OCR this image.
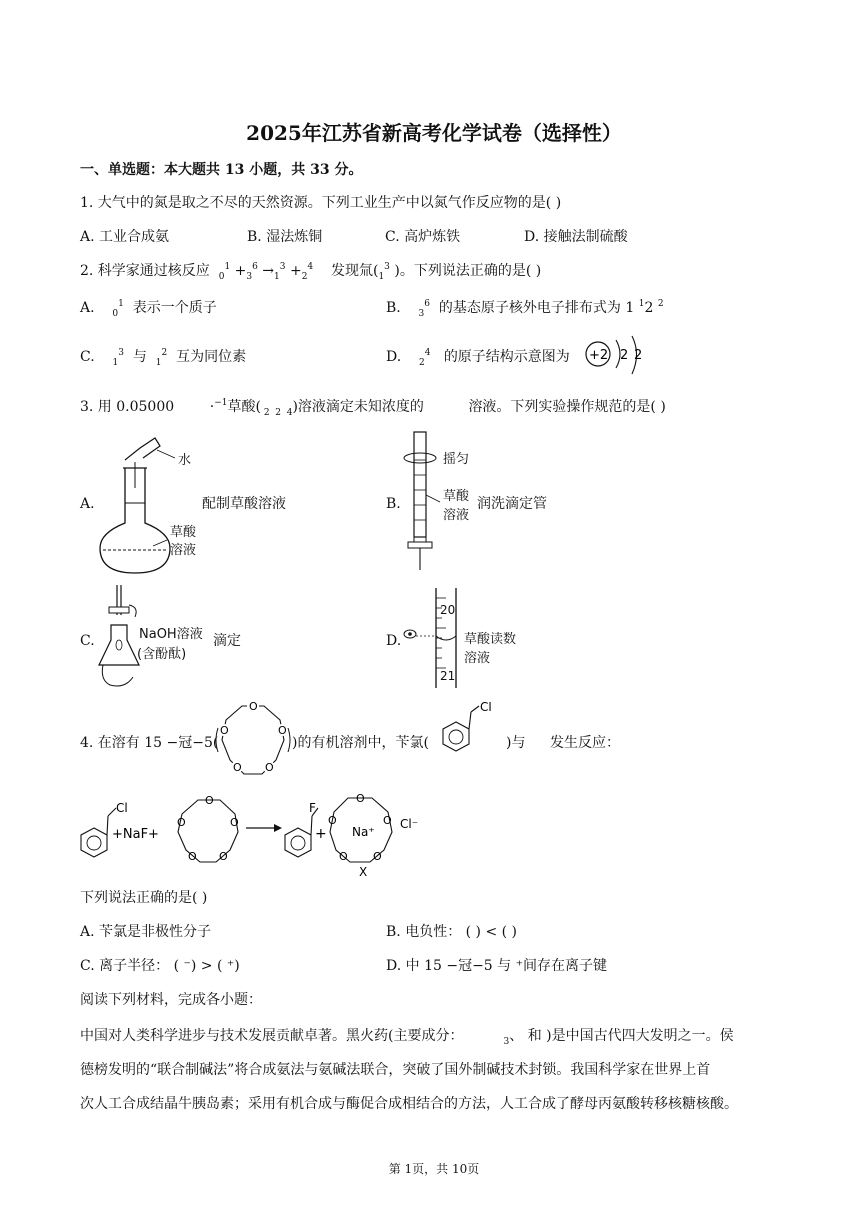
2025年江苏省新高考化学试卷（选择性）
一、单选题：本大题共 13 小题，共 33 分。
1. 大气中的氮是取之不尽的天然资源。下列工业生产中以氮气作反应物的是( )
A. 工业合成氨	B. 湿法炼铜	C. 高炉炼铁	D. 接触法制硫酸
2. 科学家通过核反应 $_0^1 +_3^6 \to_1^3 +_2^4$ 发现氚($_1^3$ )。下列说法正确的是( )
A.    $_0^1$ 表示一个质子	B.    $_3^6$ 的基态原子核外电子排布式为 1 $^1$2 $^2$
C.    $_1^3$ 与 $_1^2$ 互为同位素	D.    $_2^4$ 的原子结构示意图为 +2 2 2
3. 用 0.05000        ·$^{-1}$草酸( $_{2 2 4}$)溶液滴定未知浓度的	溶液。下列实验操作规范的是( )
A.
水
草酸
溶液
配制草酸溶液	B.
摇匀
草酸
溶液
润洗滴定管
C.	NaOH溶液
(含酚酞)
滴定	D.
20
21
草酸读数
溶液
4. 在溶有 15 −冠−5(
O
O
O
O
O
)的有机溶剂中，苄氯(
Cl
)与 发生反应：
Cl
+NaF+
O
O
O
O
O
F
+
O
O
O
O
O
Na⁺
Cl⁻
X
下列说法正确的是( )
A. 苄氯是非极性分子	B. 电负性： ( ) < ( )
C. 离子半径： ( ⁻) > ( ⁺)	D. 中 15 −冠−5 与 ⁺间存在离子键
阅读下列材料，完成各小题：
中国对人类科学进步与技术发展贡献卓著。黑火药(主要成分：	$_3$、 和 )是中国古代四大发明之一。侯
德榜发明的“联合制碱法”将合成氨法与氨碱法联合，突破了国外制碱技术封锁。我国科学家在世界上首
次人工合成结晶牛胰岛素；采用有机合成与酶促合成相结合的方法，人工合成了酵母丙氨酸转移核糖核酸。
第 1页，共 10页
